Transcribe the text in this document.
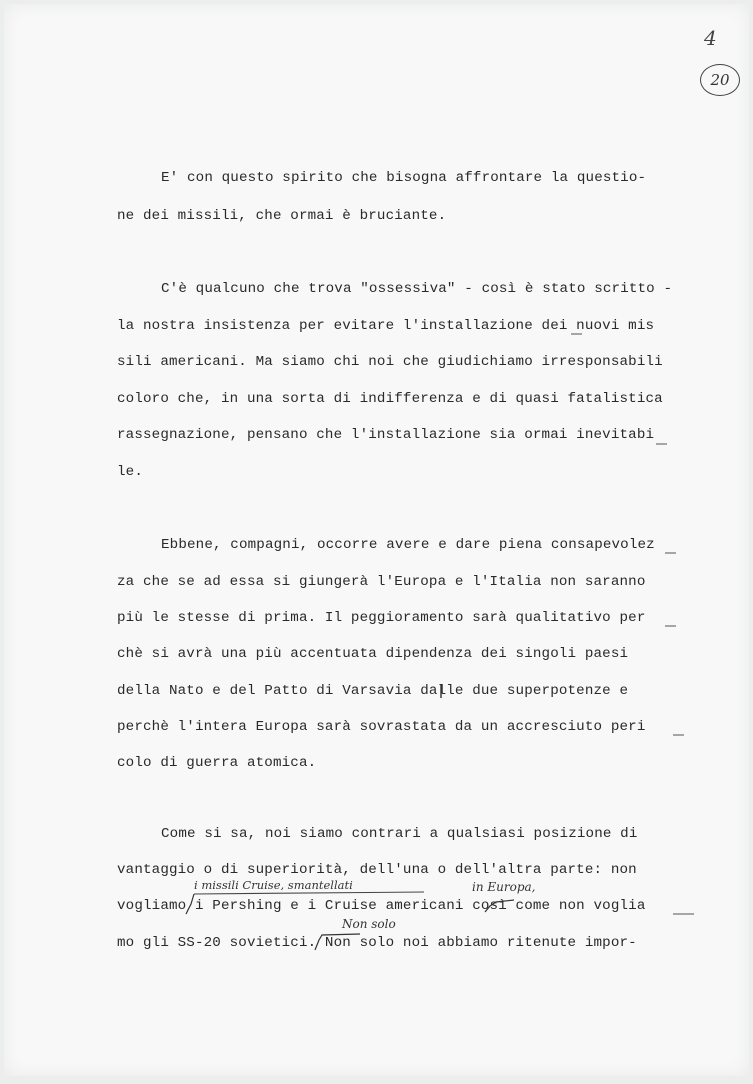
4
20
E' con questo spirito che bisogna affrontare la questio-
ne dei missili, che ormai è bruciante.
C'è qualcuno che trova "ossessiva" - così è stato scritto -
la nostra insistenza per evitare l'installazione dei nuovi mis
sili americani. Ma siamo chi noi che giudichiamo irresponsabili
coloro che, in una sorta di indifferenza e di quasi fatalistica
rassegnazione, pensano che l'installazione sia ormai inevitabi
le.
Ebbene, compagni, occorre avere e dare piena consapevolez
za che se ad essa si giungerà l'Europa e l'Italia non saranno
più le stesse di prima. Il peggioramento sarà qualitativo per
chè si avrà una più accentuata dipendenza dei singoli paesi
della Nato e del Patto di Varsavia dalle due superpotenze e
perchè l'intera Europa sarà sovrastata da un accresciuto peri
colo di guerra atomica.
Come si sa, noi siamo contrari a qualsiasi posizione di
vantaggio o di superiorità, dell'una o dell'altra parte: non
vogliamo i Pershing e i Cruise americani così come non voglia
mo gli SS-20 sovietici. Non solo noi abbiamo ritenute impor-
i missili Cruise, smantellati	in Europa,
Non solo
